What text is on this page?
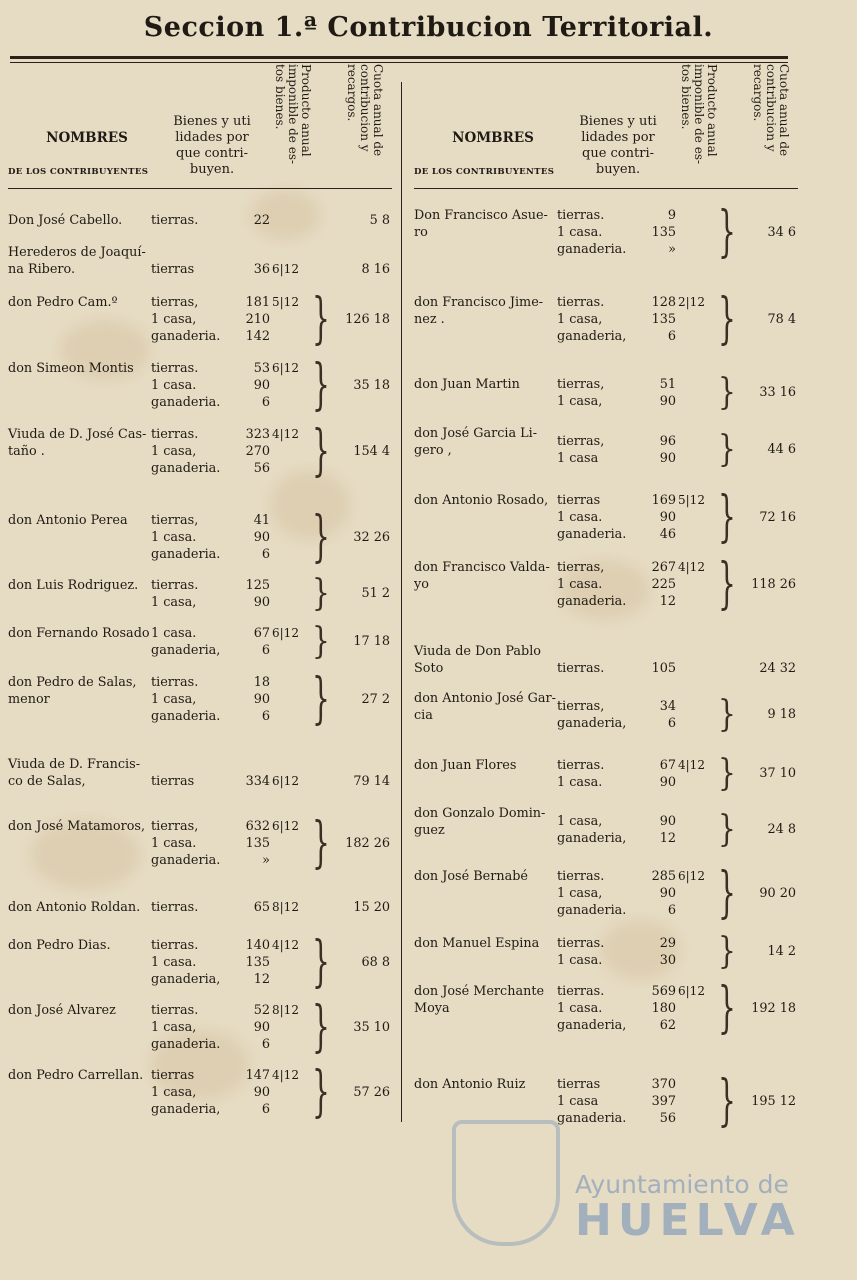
Seccion 1.ª Contribucion Territorial.
NOMBRES
DE LOS CONTRIBUYENTES
Bienes y uti lidades por que contri- buyen.
Producto anual imponible de es- tos bienes.	Cuota anual de contribucion y recargos.
Don José Cabello.	tierras.	22	5 8
Herederos de Joaquí-na Ribero.	tierras	36 6|12	8 16
don Pedro Cam.º	tierras,	181 5|12
1 casa,	210
ganaderia.	142 }	126 18
don Simeon Montis	tierras.	53 6|12
1 casa.	90
ganaderia.	6 }	35 18
Viuda de D. José Cas-taño .
tierras.	323 4|12
1 casa,	270
ganaderia.	56 }	154 4
don Antonio Perea	tierras,	41
1 casa.	90
ganaderia.	6 }	32 26
don Luis Rodriguez. tierras.	125
1 casa,	90 }	51 2
don Fernando Rosado 1 casa.	67 6|12
ganaderia,	6 }	17 18
don Pedro de Salas, menor
tierras.	18
1 casa,	90
ganaderia.	6 }	27 2
Viuda de D. Francis-co de Salas,	tierras	334 6|12	79 14
don José Matamoros, tierras,	632 6|12
1 casa.	135
ganaderia.	» }	182 26
don Antonio Roldan. tierras.	65 8|12	15 20
don Pedro Dias.	tierras.	140 4|12
1 casa.	135
ganaderia,	12 }	68 8
don José Alvarez	tierras.	52 8|12
1 casa,	90
ganaderia.	6 }	35 10
don Pedro Carrellan. tierras	147 4|12
1 casa,	90
ganaderia,	6 }	57 26
NOMBRES
DE LOS CONTRIBUYENTES
Bienes y uti lidades por que contri- buyen.
Producto anual imponible de es- tos bienes.	Cuota anual de contribucion y recargos.
Don Francisco Asue-ro
tierras.	9
1 casa.	135
ganaderia.	» }	34 6
don Francisco Jime-nez .
tierras.	128 2|12
1 casa,	135
ganaderia,	6 }	78 4
don Juan Martin	tierras,	51
1 casa,	90 }	33 16
don José Garcia Li-gero ,
tierras,	96
1 casa	90 }	44 6
don Antonio Rosado, tierras	169 5|12
1 casa.	90
ganaderia.	46 }	72 16
don Francisco Valda-yo
tierras,	267 4|12
1 casa.	225
ganaderia.	12 }	118 26
Viuda de Don Pablo Soto	tierras.	105	24 32
don Antonio José Gar-cia
tierras,	34
ganaderia,	6 }	9 18
don Juan Flores	tierras.	67 4|12
1 casa.	90 }	37 10
don Gonzalo Domin-guez
1 casa,	90
ganaderia,	12 }	24 8
don José Bernabé	tierras.	285 6|12
1 casa,	90
ganaderia.	6 }	90 20
don Manuel Espina	tierras.	29
1 casa.	30 }	14 2
don José Merchante Moya
tierras.	569 6|12
1 casa.	180
ganaderia,	62 }	192 18
don Antonio Ruiz	tierras	370
1 casa	397
ganaderia.	56 }	195 12
Ayuntamiento de
HUELVA
